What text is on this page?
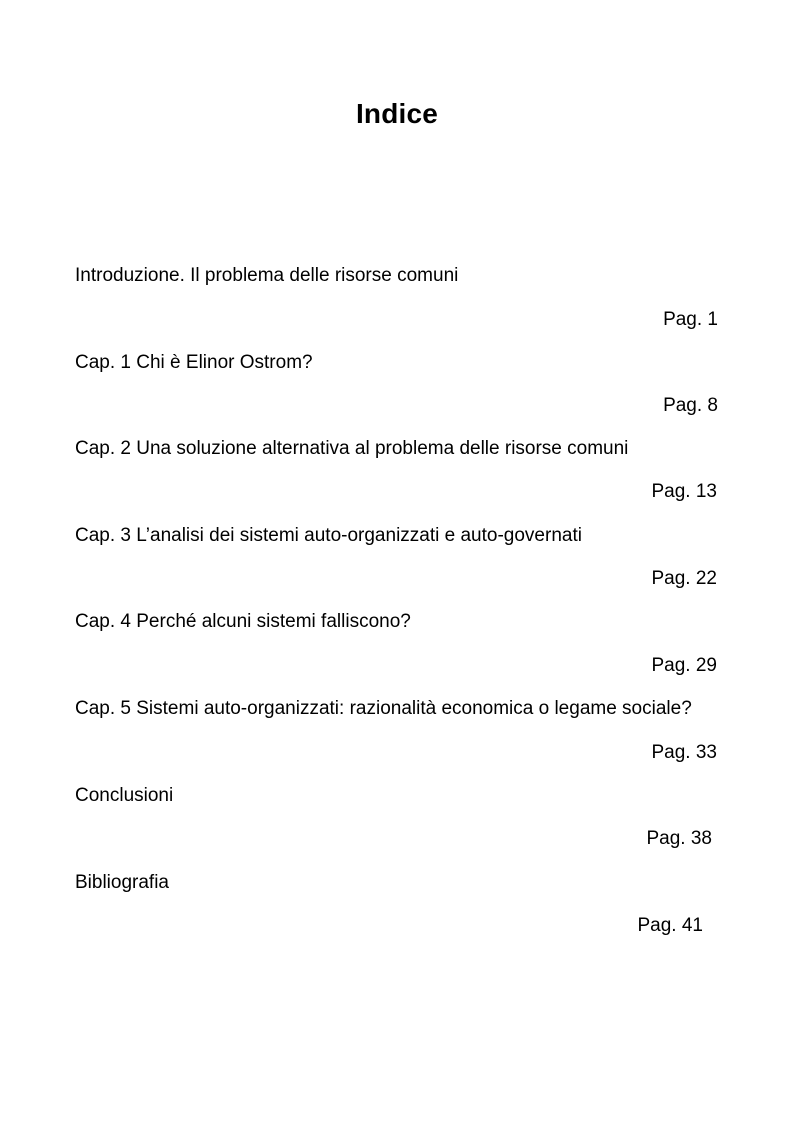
Indice
Introduzione. Il problema delle risorse comuni
Pag. 1
Cap. 1 Chi è Elinor Ostrom?
Pag. 8
Cap. 2 Una soluzione alternativa al problema delle risorse comuni
Pag. 13
Cap. 3 L’analisi dei sistemi auto-organizzati e auto-governati
Pag. 22
Cap. 4 Perché alcuni sistemi falliscono?
Pag. 29
Cap. 5 Sistemi auto-organizzati: razionalità economica o legame sociale?
Pag. 33
Conclusioni
Pag. 38
Bibliografia
Pag. 41
